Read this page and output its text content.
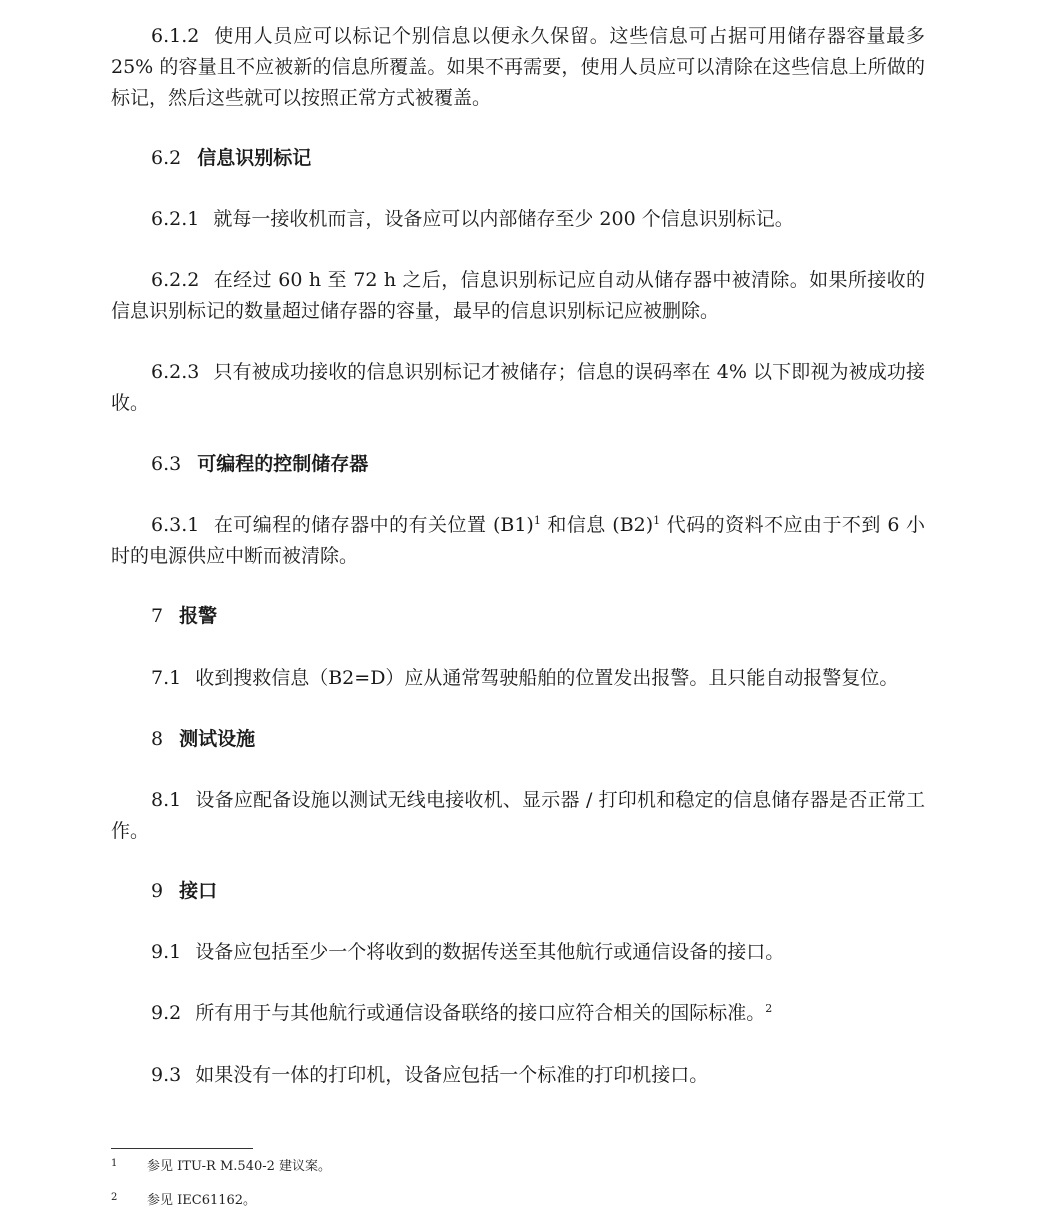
6.1.2 使用人员应可以标记个别信息以便永久保留。这些信息可占据可用储存器容量最多 25% 的容量且不应被新的信息所覆盖。如果不再需要，使用人员应可以清除在这些信息上所做的标记，然后这些就可以按照正常方式被覆盖。

6.2 信息识别标记

6.2.1 就每一接收机而言，设备应可以内部储存至少 200 个信息识别标记。

6.2.2 在经过 60 h 至 72 h 之后，信息识别标记应自动从储存器中被清除。如果所接收的信息识别标记的数量超过储存器的容量，最早的信息识别标记应被删除。

6.2.3 只有被成功接收的信息识别标记才被储存；信息的误码率在 4% 以下即视为被成功接收。

6.3 可编程的控制储存器

6.3.1 在可编程的储存器中的有关位置 $(B1)^1$ 和信息 $(B2)^1$ 代码的资料不应由于不到 6 小时的电源供应中断而被清除。

7 报警

7.1 收到搜救信息（B2=D）应从通常驾驶船舶的位置发出报警。且只能自动报警复位。

8 测试设施

8.1 设备应配备设施以测试无线电接收机、显示器 / 打印机和稳定的信息储存器是否正常工作。

9 接口

9.1 设备应包括至少一个将收到的数据传送至其他航行或通信设备的接口。

9.2 所有用于与其他航行或通信设备联络的接口应符合相关的国际标准。$^2$

9.3 如果没有一体的打印机，设备应包括一个标准的打印机接口。

1 参见 ITU-R M.540-2 建议案。
2 参见 IEC61162。
